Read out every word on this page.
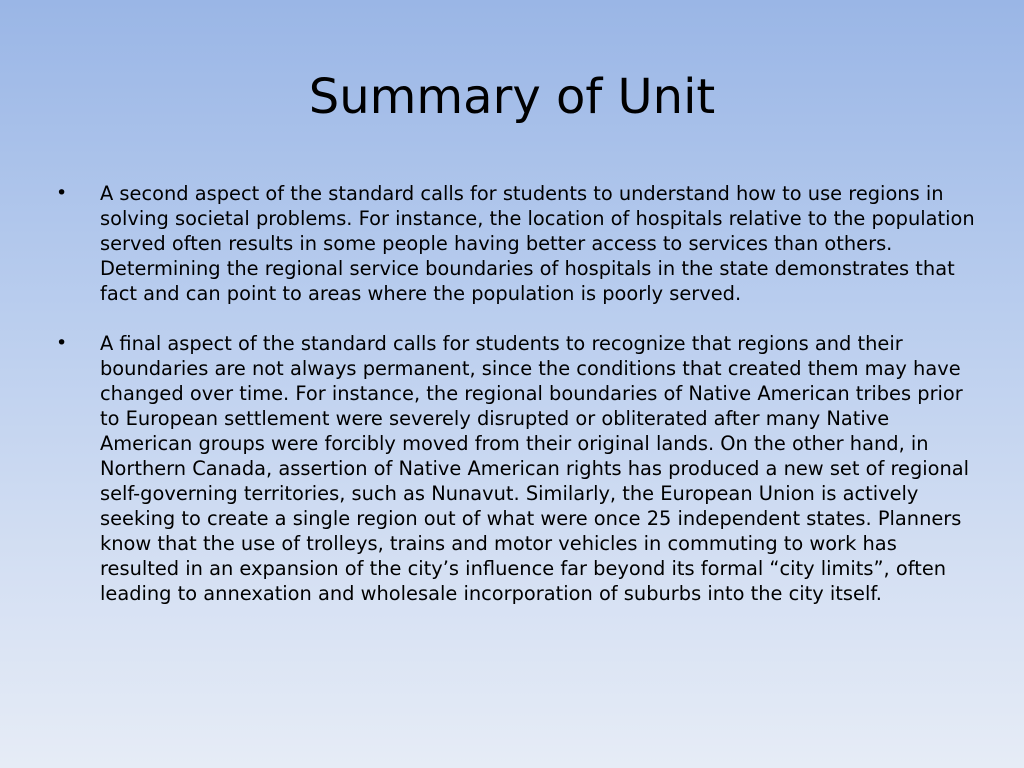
Summary of Unit
•	A second aspect of the standard calls for students to understand how to use regions in solving societal problems. For instance, the location of hospitals relative to the population served often results in some people having better access to services than others. Determining the regional service boundaries of hospitals in the state demonstrates that fact and can point to areas where the population is poorly served.
•	A final aspect of the standard calls for students to recognize that regions and their boundaries are not always permanent, since the conditions that created them may have changed over time. For instance, the regional boundaries of Native American tribes prior to European settlement were severely disrupted or obliterated after many Native American groups were forcibly moved from their original lands. On the other hand, in Northern Canada, assertion of Native American rights has produced a new set of regional self-governing territories, such as Nunavut. Similarly, the European Union is actively seeking to create a single region out of what were once 25 independent states. Planners know that the use of trolleys, trains and motor vehicles in commuting to work has resulted in an expansion of the city’s influence far beyond its formal “city limits”, often leading to annexation and wholesale incorporation of suburbs into the city itself.
